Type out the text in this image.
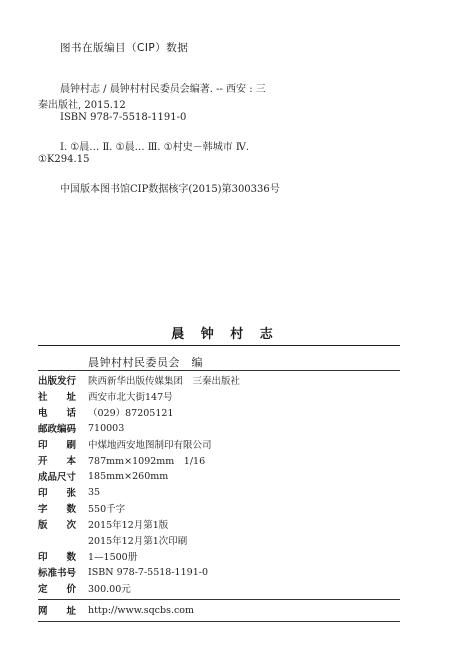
图书在版编目（CIP）数据
晨钟村志 / 晨钟村村民委员会编著. -- 西安 : 三
秦出版社, 2015.12
ISBN 978-7-5518-1191-0
Ⅰ. ①晨… Ⅱ. ①晨… Ⅲ. ①村史－韩城市 Ⅳ.
①K294.15
中国版本图书馆CIP数据核字(2015)第300336号
晨 钟 村 志
晨钟村村民委员会　编
出版发行	陕西新华出版传媒集团　三秦出版社
社　　址	西安市北大街147号
电　　话	（029）87205121
邮政编码	710003
印　　刷	中煤地西安地图制印有限公司
开　　本	787mm×1092mm　1/16
成品尺寸	185mm×260mm
印　　张	35
字　　数	550千字
版　　次	2015年12月第1版
2015年12月第1次印刷
印　　数	1—1500册
标准书号	ISBN 978-7-5518-1191-0
定　　价	300.00元
网　　址	http://www.sqcbs.com
